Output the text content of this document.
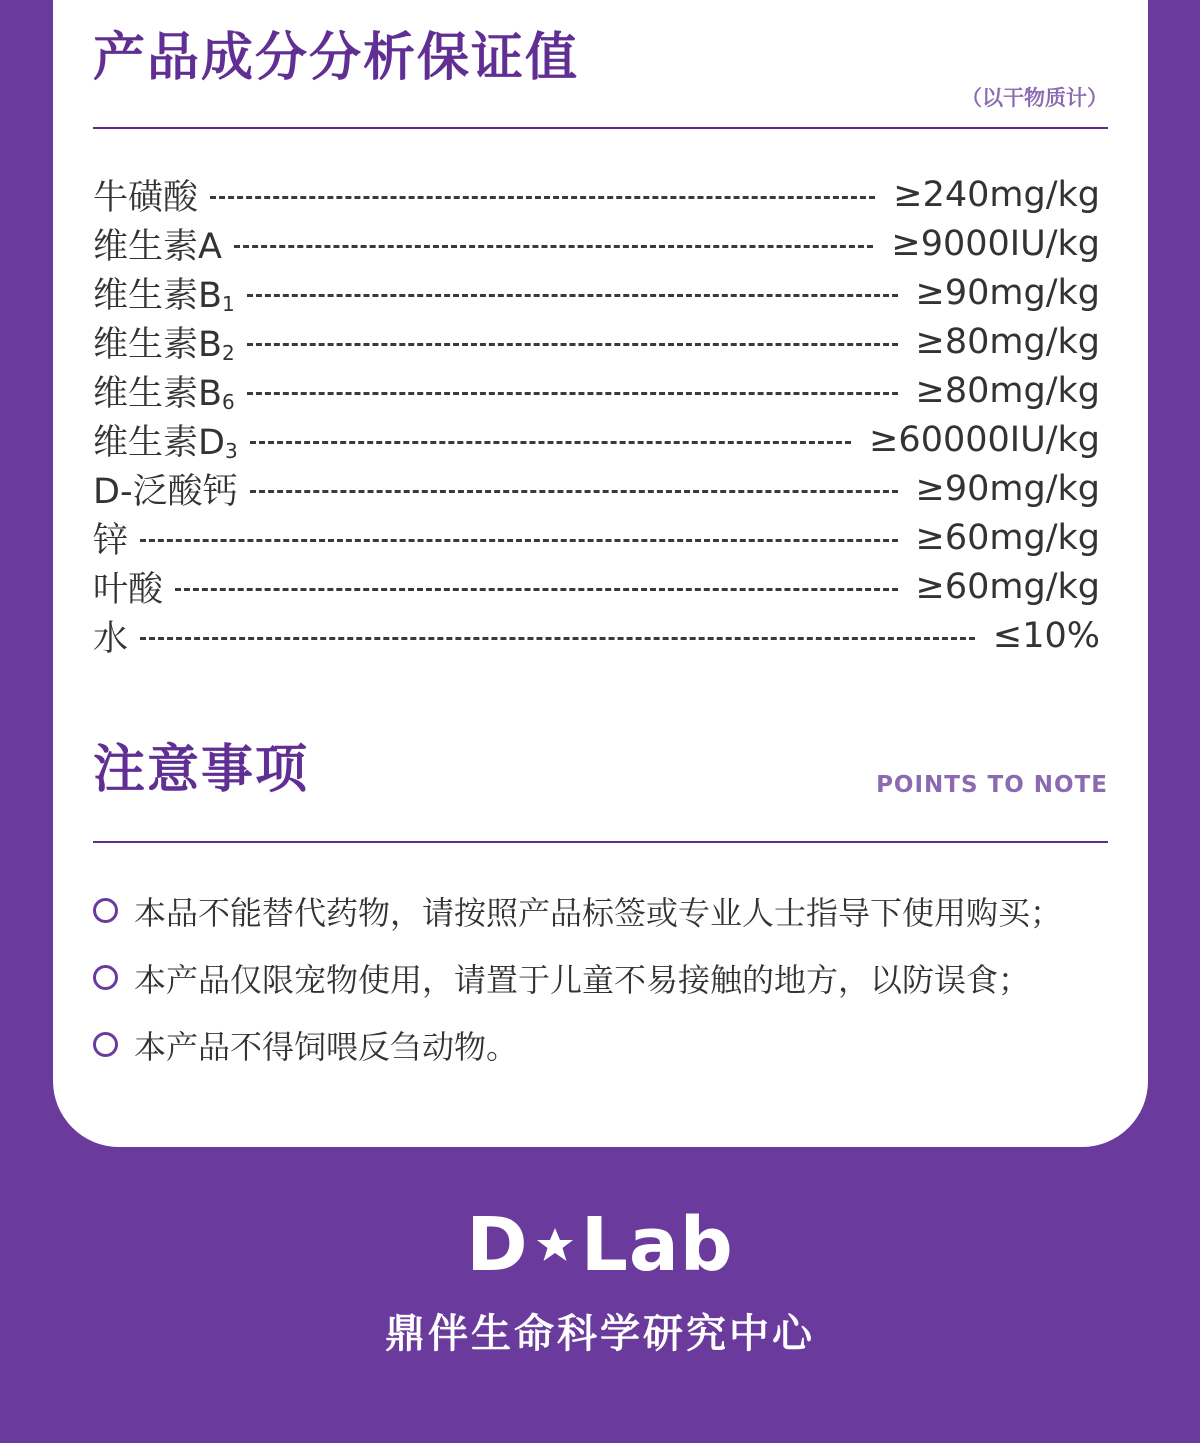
产品成分分析保证值
（以干物质计）
牛磺酸	≥240mg/kg
维生素A	≥9000IU/kg
维生素$B_1$	≥90mg/kg
维生素$B_2$	≥80mg/kg
维生素$B_6$	≥80mg/kg
维生素$D_3$	≥60000IU/kg
D-泛酸钙	≥90mg/kg
锌	≥60mg/kg
叶酸	≥60mg/kg
水	≤10%
注意事项	POINTS TO NOTE
本品不能替代药物，请按照产品标签或专业人士指导下使用购买；
本产品仅限宠物使用，请置于儿童不易接触的地方，以防误食；
本产品不得饲喂反刍动物。
D Lab
鼎伴生命科学研究中心
